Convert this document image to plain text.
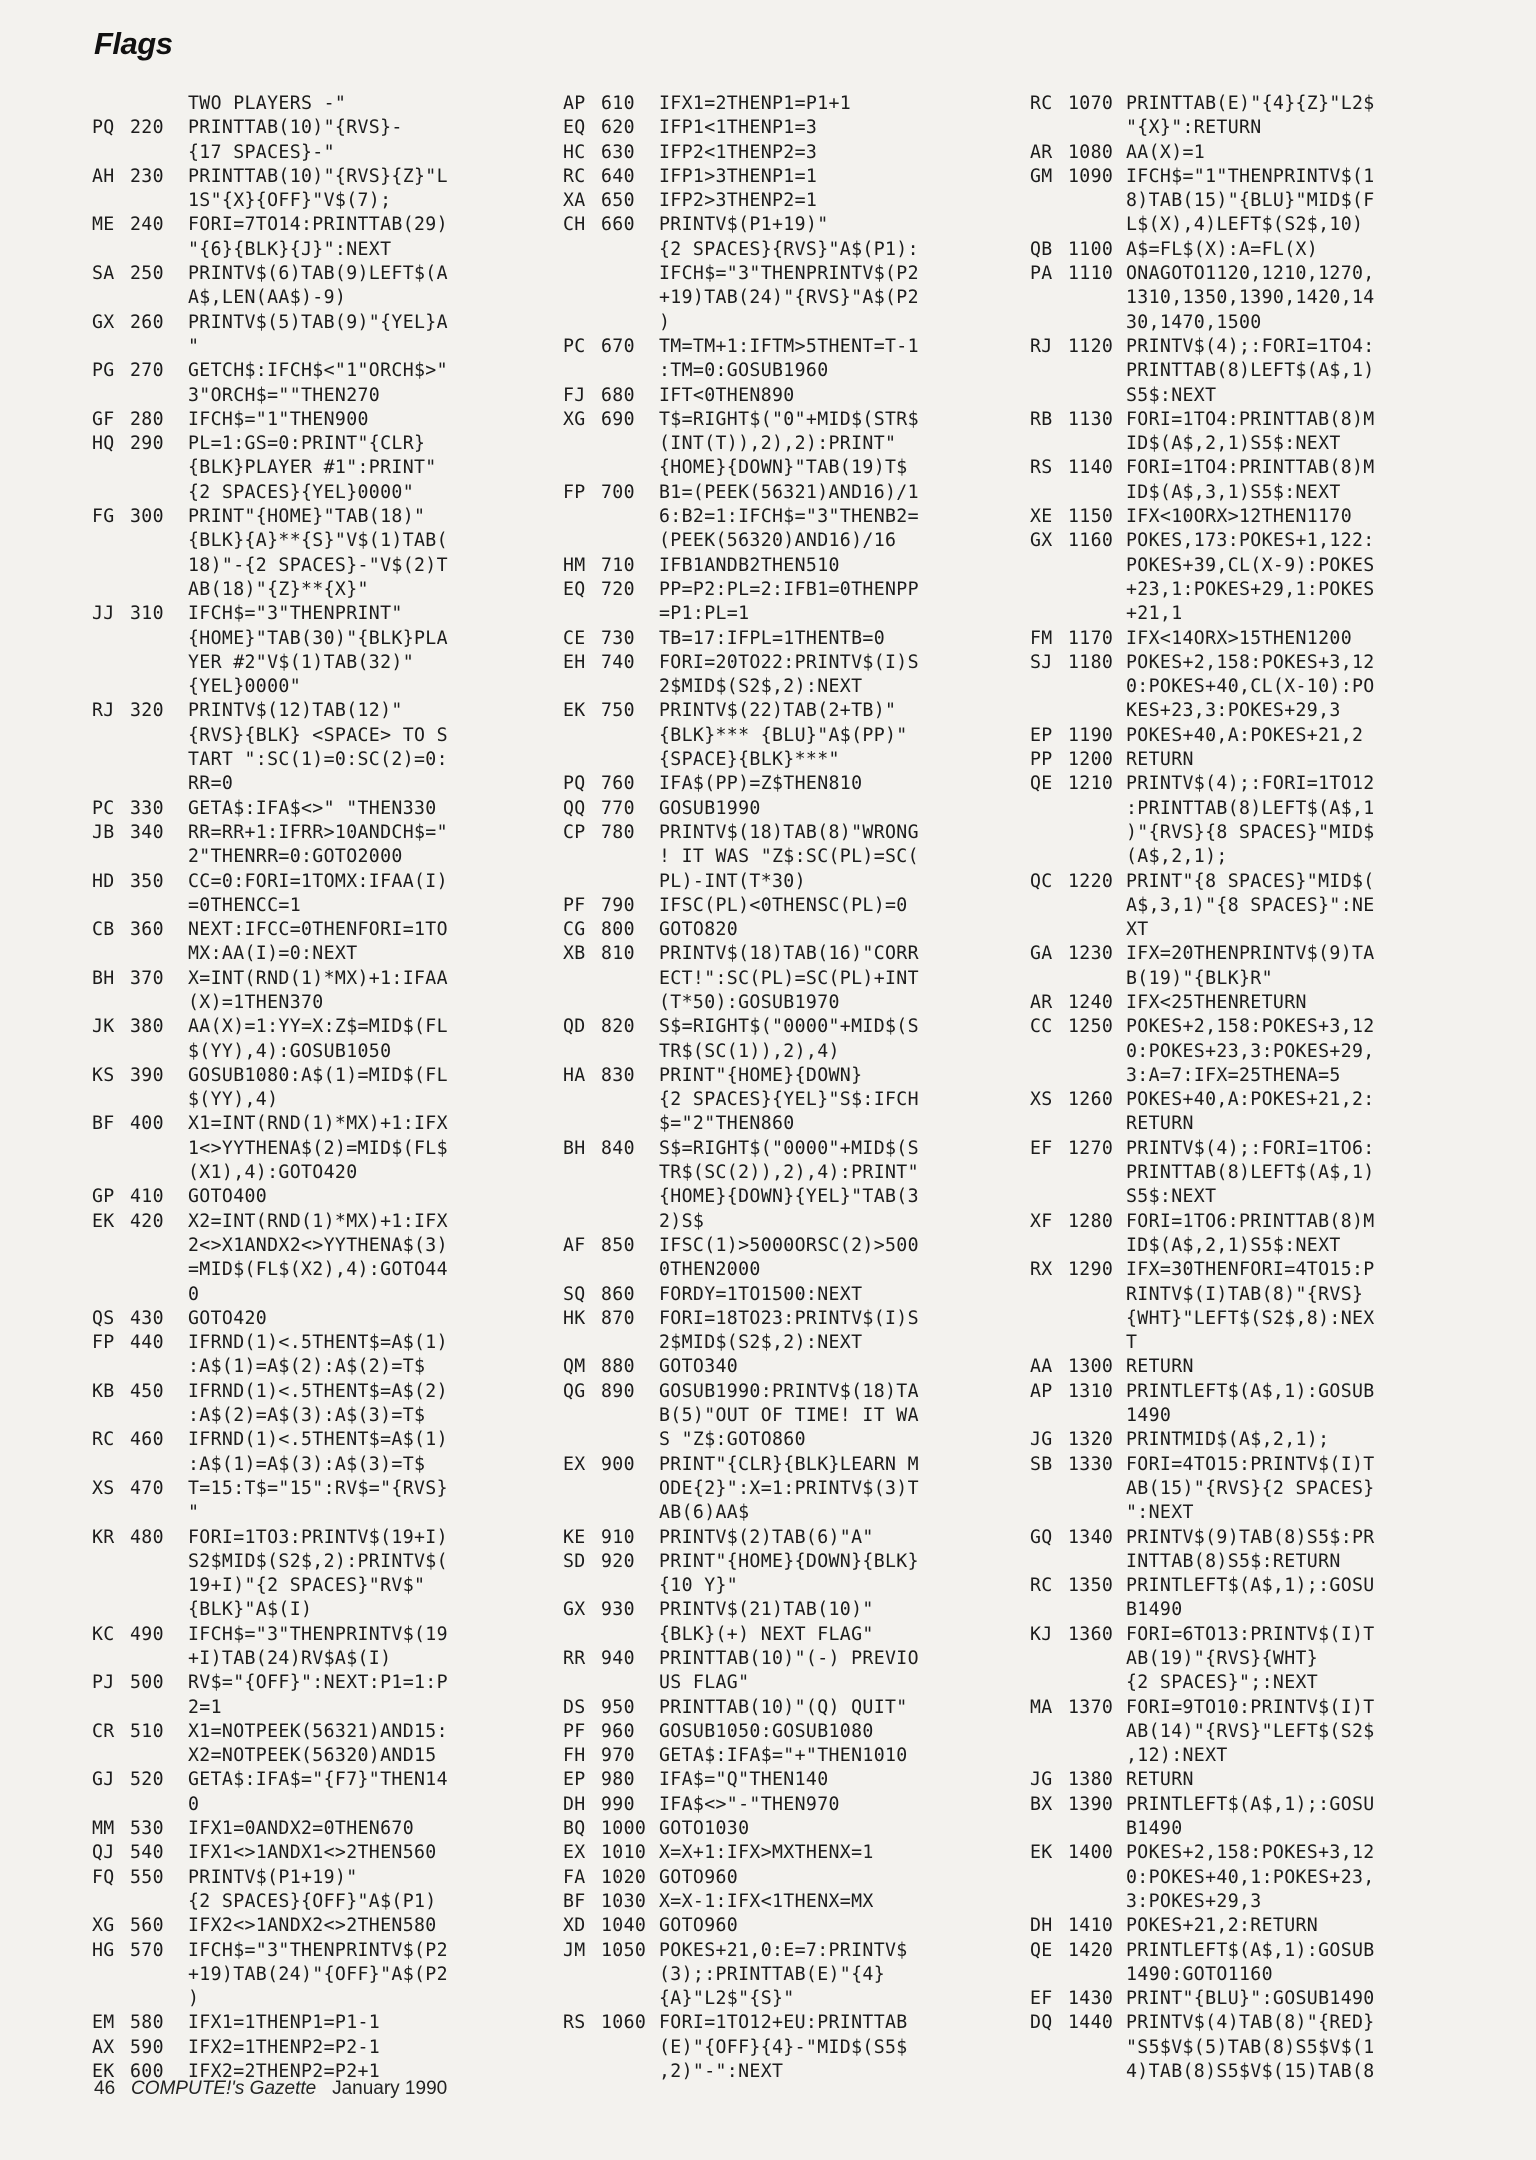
Flags
TWO PLAYERS -"
PQ 220 PRINTTAB(10)"{RVS}-
{17 SPACES}-"
AH 230 PRINTTAB(10)"{RVS}{Z}"L
1S"{X}{OFF}"V$(7);
ME 240 FORI=7TO14:PRINTTAB(29)
"{6}{BLK}{J}":NEXT
SA 250 PRINTV$(6)TAB(9)LEFT$(A
A$,LEN(AA$)-9)
GX 260 PRINTV$(5)TAB(9)"{YEL}A
"
PG 270 GETCH$:IFCH$<"1"ORCH$>"
3"ORCH$=""THEN270
GF 280 IFCH$="1"THEN900
HQ 290 PL=1:GS=0:PRINT"{CLR}
{BLK}PLAYER #1":PRINT"
{2 SPACES}{YEL}0000"
FG 300 PRINT"{HOME}"TAB(18)"
{BLK}{A}**{S}"V$(1)TAB(
18)"-{2 SPACES}-"V$(2)T
AB(18)"{Z}**{X}"
JJ 310 IFCH$="3"THENPRINT"
{HOME}"TAB(30)"{BLK}PLA
YER #2"V$(1)TAB(32)"
{YEL}0000"
RJ 320 PRINTV$(12)TAB(12)"
{RVS}{BLK} <SPACE> TO S
TART ":SC(1)=0:SC(2)=0:
RR=0
PC 330 GETA$:IFA$<>" "THEN330
JB 340 RR=RR+1:IFRR>10ANDCH$="
2"THENRR=0:GOTO2000
HD 350 CC=0:FORI=1TOMX:IFAA(I)
=0THENCC=1
CB 360 NEXT:IFCC=0THENFORI=1TO
MX:AA(I)=0:NEXT
BH 370 X=INT(RND(1)*MX)+1:IFAA
(X)=1THEN370
JK 380 AA(X)=1:YY=X:Z$=MID$(FL
$(YY),4):GOSUB1050
KS 390 GOSUB1080:A$(1)=MID$(FL
$(YY),4)
BF 400 X1=INT(RND(1)*MX)+1:IFX
1<>YYTHENA$(2)=MID$(FL$
(X1),4):GOTO420
GP 410 GOTO400
EK 420 X2=INT(RND(1)*MX)+1:IFX
2<>X1ANDX2<>YYTHENA$(3)
=MID$(FL$(X2),4):GOTO44
0
QS 430 GOTO420
FP 440 IFRND(1)<.5THENT$=A$(1)
:A$(1)=A$(2):A$(2)=T$
KB 450 IFRND(1)<.5THENT$=A$(2)
:A$(2)=A$(3):A$(3)=T$
RC 460 IFRND(1)<.5THENT$=A$(1)
:A$(1)=A$(3):A$(3)=T$
XS 470 T=15:T$="15":RV$="{RVS}
"
KR 480 FORI=1TO3:PRINTV$(19+I)
S2$MID$(S2$,2):PRINTV$(
19+I)"{2 SPACES}"RV$"
{BLK}"A$(I)
KC 490 IFCH$="3"THENPRINTV$(19
+I)TAB(24)RV$A$(I)
PJ 500 RV$="{OFF}":NEXT:P1=1:P
2=1
CR 510 X1=NOTPEEK(56321)AND15:
X2=NOTPEEK(56320)AND15
GJ 520 GETA$:IFA$="{F7}"THEN14
0
MM 530 IFX1=0ANDX2=0THEN670
QJ 540 IFX1<>1ANDX1<>2THEN560
FQ 550 PRINTV$(P1+19)"
{2 SPACES}{OFF}"A$(P1)
XG 560 IFX2<>1ANDX2<>2THEN580
HG 570 IFCH$="3"THENPRINTV$(P2
+19)TAB(24)"{OFF}"A$(P2
)
EM 580 IFX1=1THENP1=P1-1
AX 590 IFX2=1THENP2=P2-1
EK 600 IFX2=2THENP2=P2+1
AP 610 IFX1=2THENP1=P1+1
EQ 620 IFP1<1THENP1=3
HC 630 IFP2<1THENP2=3
RC 640 IFP1>3THENP1=1
XA 650 IFP2>3THENP2=1
CH 660 PRINTV$(P1+19)"
{2 SPACES}{RVS}"A$(P1):
IFCH$="3"THENPRINTV$(P2
+19)TAB(24)"{RVS}"A$(P2
)
PC 670 TM=TM+1:IFTM>5THENT=T-1
:TM=0:GOSUB1960
FJ 680 IFT<0THEN890
XG 690 T$=RIGHT$("0"+MID$(STR$
(INT(T)),2),2):PRINT"
{HOME}{DOWN}"TAB(19)T$
FP 700 B1=(PEEK(56321)AND16)/1
6:B2=1:IFCH$="3"THENB2=
(PEEK(56320)AND16)/16
HM 710 IFB1ANDB2THEN510
EQ 720 PP=P2:PL=2:IFB1=0THENPP
=P1:PL=1
CE 730 TB=17:IFPL=1THENTB=0
EH 740 FORI=20TO22:PRINTV$(I)S
2$MID$(S2$,2):NEXT
EK 750 PRINTV$(22)TAB(2+TB)"
{BLK}*** {BLU}"A$(PP)"
{SPACE}{BLK}***"
PQ 760 IFA$(PP)=Z$THEN810
QQ 770 GOSUB1990
CP 780 PRINTV$(18)TAB(8)"WRONG
! IT WAS "Z$:SC(PL)=SC(
PL)-INT(T*30)
PF 790 IFSC(PL)<0THENSC(PL)=0
CG 800 GOTO820
XB 810 PRINTV$(18)TAB(16)"CORR
ECT!":SC(PL)=SC(PL)+INT
(T*50):GOSUB1970
QD 820 S$=RIGHT$("0000"+MID$(S
TR$(SC(1)),2),4)
HA 830 PRINT"{HOME}{DOWN}
{2 SPACES}{YEL}"S$:IFCH
$="2"THEN860
BH 840 S$=RIGHT$("0000"+MID$(S
TR$(SC(2)),2),4):PRINT"
{HOME}{DOWN}{YEL}"TAB(3
2)S$
AF 850 IFSC(1)>5000ORSC(2)>500
0THEN2000
SQ 860 FORDY=1TO1500:NEXT
HK 870 FORI=18TO23:PRINTV$(I)S
2$MID$(S2$,2):NEXT
QM 880 GOTO340
QG 890 GOSUB1990:PRINTV$(18)TA
B(5)"OUT OF TIME! IT WA
S "Z$:GOTO860
EX 900 PRINT"{CLR}{BLK}LEARN M
ODE{2}":X=1:PRINTV$(3)T
AB(6)AA$
KE 910 PRINTV$(2)TAB(6)"A"
SD 920 PRINT"{HOME}{DOWN}{BLK}
{10 Y}"
GX 930 PRINTV$(21)TAB(10)"
{BLK}(+) NEXT FLAG"
RR 940 PRINTTAB(10)"(-) PREVIO
US FLAG"
DS 950 PRINTTAB(10)"(Q) QUIT"
PF 960 GOSUB1050:GOSUB1080
FH 970 GETA$:IFA$="+"THEN1010
EP 980 IFA$="Q"THEN140
DH 990 IFA$<>"-"THEN970
BQ 1000 GOTO1030
EX 1010 X=X+1:IFX>MXTHENX=1
FA 1020 GOTO960
BF 1030 X=X-1:IFX<1THENX=MX
XD 1040 GOTO960
JM 1050 POKES+21,0:E=7:PRINTV$
(3);:PRINTTAB(E)"{4}
{A}"L2$"{S}"
RS 1060 FORI=1TO12+EU:PRINTTAB
(E)"{OFF}{4}-"MID$(S5$
,2)"-":NEXT
RC 1070 PRINTTAB(E)"{4}{Z}"L2$
"{X}":RETURN
AR 1080 AA(X)=1
GM 1090 IFCH$="1"THENPRINTV$(1
8)TAB(15)"{BLU}"MID$(F
L$(X),4)LEFT$(S2$,10)
QB 1100 A$=FL$(X):A=FL(X)
PA 1110 ONAGOTO1120,1210,1270,
1310,1350,1390,1420,14
30,1470,1500
RJ 1120 PRINTV$(4);:FORI=1TO4:
PRINTTAB(8)LEFT$(A$,1)
S5$:NEXT
RB 1130 FORI=1TO4:PRINTTAB(8)M
ID$(A$,2,1)S5$:NEXT
RS 1140 FORI=1TO4:PRINTTAB(8)M
ID$(A$,3,1)S5$:NEXT
XE 1150 IFX<10ORX>12THEN1170
GX 1160 POKES,173:POKES+1,122:
POKES+39,CL(X-9):POKES
+23,1:POKES+29,1:POKES
+21,1
FM 1170 IFX<14ORX>15THEN1200
SJ 1180 POKES+2,158:POKES+3,12
0:POKES+40,CL(X-10):PO
KES+23,3:POKES+29,3
EP 1190 POKES+40,A:POKES+21,2
PP 1200 RETURN
QE 1210 PRINTV$(4);:FORI=1TO12
:PRINTTAB(8)LEFT$(A$,1
)"{RVS}{8 SPACES}"MID$
(A$,2,1);
QC 1220 PRINT"{8 SPACES}"MID$(
A$,3,1)"{8 SPACES}":NE
XT
GA 1230 IFX=20THENPRINTV$(9)TA
B(19)"{BLK}R"
AR 1240 IFX<25THENRETURN
CC 1250 POKES+2,158:POKES+3,12
0:POKES+23,3:POKES+29,
3:A=7:IFX=25THENA=5
XS 1260 POKES+40,A:POKES+21,2:
RETURN
EF 1270 PRINTV$(4);:FORI=1TO6:
PRINTTAB(8)LEFT$(A$,1)
S5$:NEXT
XF 1280 FORI=1TO6:PRINTTAB(8)M
ID$(A$,2,1)S5$:NEXT
RX 1290 IFX=30THENFORI=4TO15:P
RINTV$(I)TAB(8)"{RVS}
{WHT}"LEFT$(S2$,8):NEX
T
AA 1300 RETURN
AP 1310 PRINTLEFT$(A$,1):GOSUB
1490
JG 1320 PRINTMID$(A$,2,1);
SB 1330 FORI=4TO15:PRINTV$(I)T
AB(15)"{RVS}{2 SPACES}
":NEXT
GQ 1340 PRINTV$(9)TAB(8)S5$:PR
INTTAB(8)S5$:RETURN
RC 1350 PRINTLEFT$(A$,1);:GOSU
B1490
KJ 1360 FORI=6TO13:PRINTV$(I)T
AB(19)"{RVS}{WHT}
{2 SPACES}";:NEXT
MA 1370 FORI=9TO10:PRINTV$(I)T
AB(14)"{RVS}"LEFT$(S2$
,12):NEXT
JG 1380 RETURN
BX 1390 PRINTLEFT$(A$,1);:GOSU
B1490
EK 1400 POKES+2,158:POKES+3,12
0:POKES+40,1:POKES+23,
3:POKES+29,3
DH 1410 POKES+21,2:RETURN
QE 1420 PRINTLEFT$(A$,1):GOSUB
1490:GOTO1160
EF 1430 PRINT"{BLU}":GOSUB1490
DQ 1440 PRINTV$(4)TAB(8)"{RED}
"S5$V$(5)TAB(8)S5$V$(1
4)TAB(8)S5$V$(15)TAB(8
46 COMPUTE!'s Gazette January 1990
